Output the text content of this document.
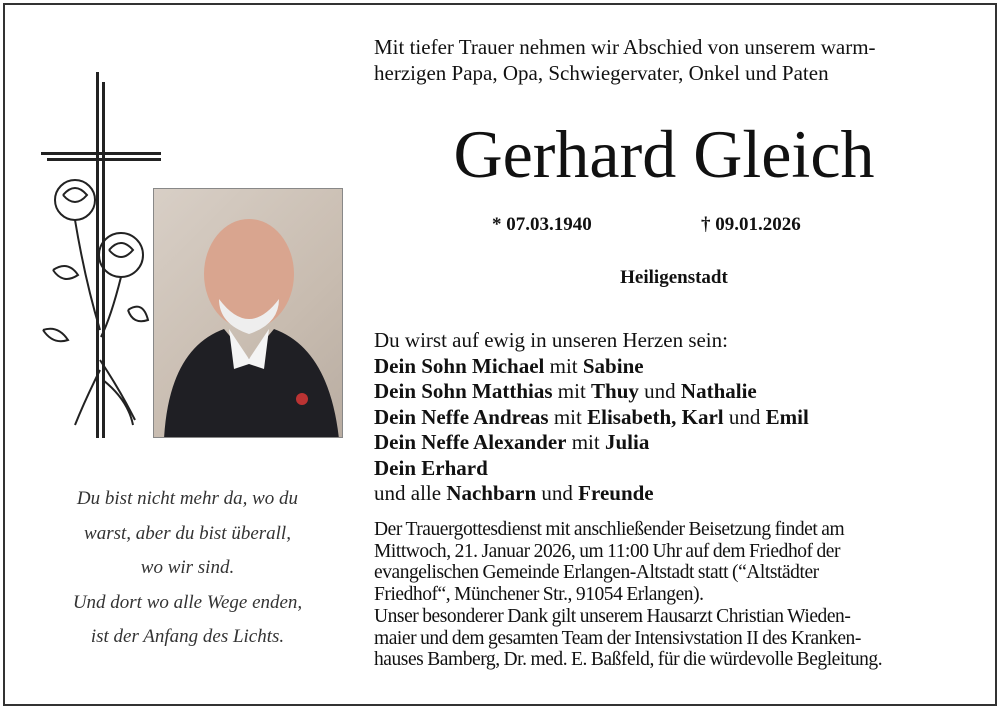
Mit tiefer Trauer nehmen wir Abschied von unserem warm-
herzigen Papa, Opa, Schwiegervater, Onkel und Paten
Gerhard Gleich
* 07.03.1940	† 09.01.2026
Heiligenstadt
Du wirst auf ewig in unseren Herzen sein:
Dein Sohn Michael mit Sabine
Dein Sohn Matthias mit Thuy und Nathalie
Dein Neffe Andreas mit Elisabeth, Karl und Emil
Dein Neffe Alexander mit Julia
Dein Erhard
und alle Nachbarn und Freunde
Der Trauergottesdienst mit anschließender Beisetzung findet am
Mittwoch, 21. Januar 2026, um 11:00 Uhr auf dem Friedhof der
evangelischen Gemeinde Erlangen-Altstadt statt (“Altstädter
Friedhof“, Münchener Str., 91054 Erlangen).
Unser besonderer Dank gilt unserem Hausarzt Christian Wieden-
maier und dem gesamten Team der Intensivstation II des Kranken-
hauses Bamberg, Dr. med. E. Baßfeld, für die würdevolle Begleitung.
Du bist nicht mehr da, wo du
warst, aber du bist überall,
wo wir sind.
Und dort wo alle Wege enden,
ist der Anfang des Lichts.
